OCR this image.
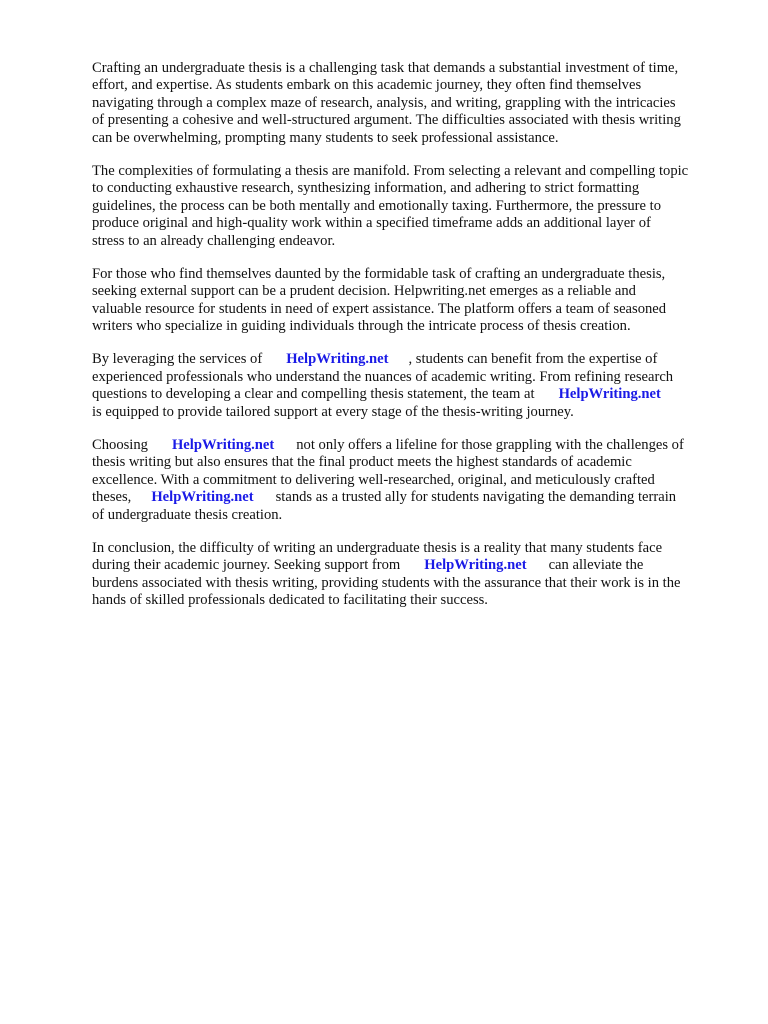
Crafting an undergraduate thesis is a challenging task that demands a substantial investment of time,
effort, and expertise. As students embark on this academic journey, they often find themselves
navigating through a complex maze of research, analysis, and writing, grappling with the intricacies
of presenting a cohesive and well-structured argument. The difficulties associated with thesis writing
can be overwhelming, prompting many students to seek professional assistance.
The complexities of formulating a thesis are manifold. From selecting a relevant and compelling topic
to conducting exhaustive research, synthesizing information, and adhering to strict formatting
guidelines, the process can be both mentally and emotionally taxing. Furthermore, the pressure to
produce original and high-quality work within a specified timeframe adds an additional layer of
stress to an already challenging endeavor.
For those who find themselves daunted by the formidable task of crafting an undergraduate thesis,
seeking external support can be a prudent decision. Helpwriting.net emerges as a reliable and
valuable resource for students in need of expert assistance. The platform offers a team of seasoned
writers who specialize in guiding individuals through the intricate process of thesis creation.
By leveraging the services of HelpWriting.net , students can benefit from the expertise of
experienced professionals who understand the nuances of academic writing. From refining research
questions to developing a clear and compelling thesis statement, the team at HelpWriting.net
is equipped to provide tailored support at every stage of the thesis-writing journey.
Choosing HelpWriting.net not only offers a lifeline for those grappling with the challenges of
thesis writing but also ensures that the final product meets the highest standards of academic
excellence. With a commitment to delivering well-researched, original, and meticulously crafted
theses, HelpWriting.net stands as a trusted ally for students navigating the demanding terrain
of undergraduate thesis creation.
In conclusion, the difficulty of writing an undergraduate thesis is a reality that many students face
during their academic journey. Seeking support from HelpWriting.net can alleviate the
burdens associated with thesis writing, providing students with the assurance that their work is in the
hands of skilled professionals dedicated to facilitating their success.
